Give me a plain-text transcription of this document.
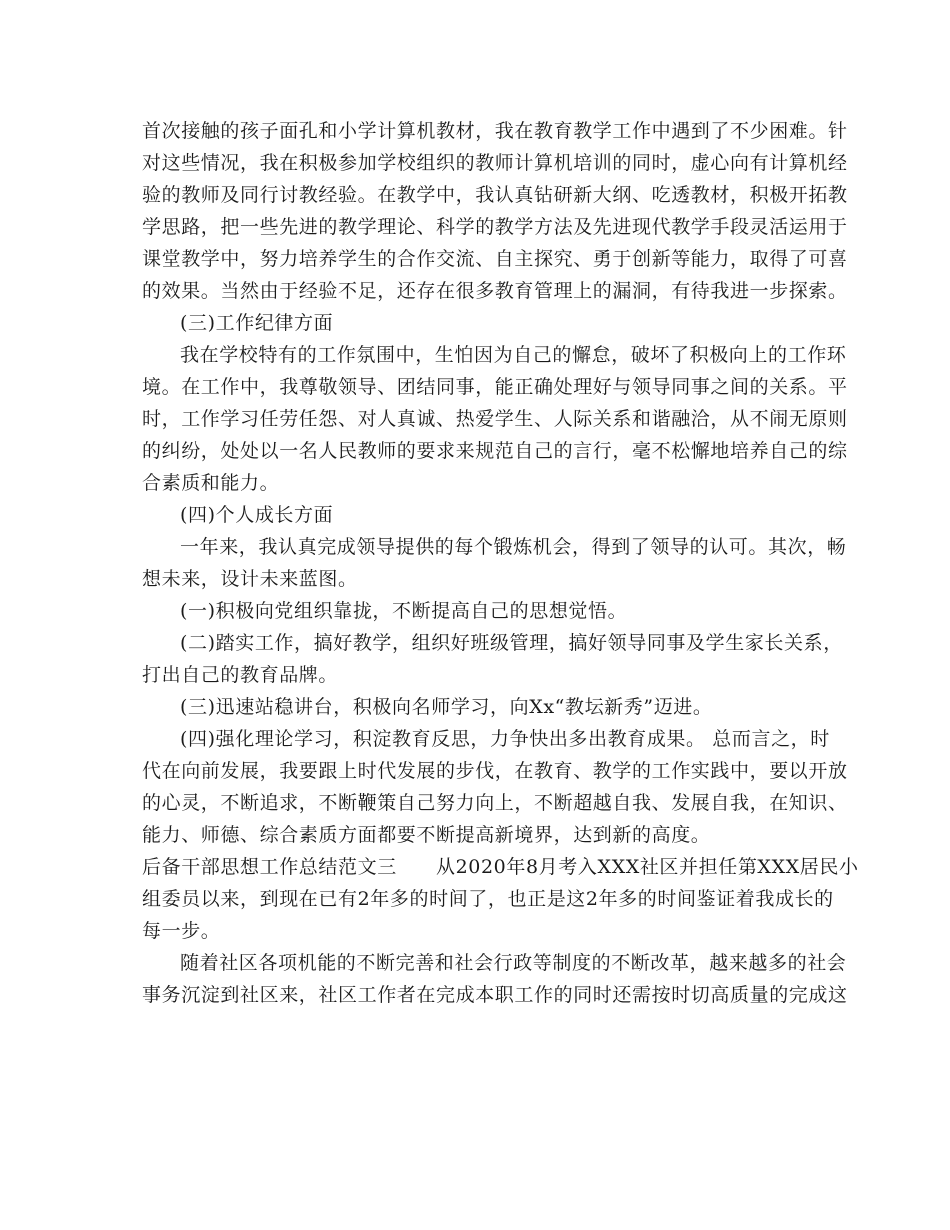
首次接触的孩子面孔和小学计算机教材，我在教育教学工作中遇到了不少困难。针
对这些情况，我在积极参加学校组织的教师计算机培训的同时，虚心向有计算机经
验的教师及同行讨教经验。在教学中，我认真钻研新大纲、吃透教材，积极开拓教
学思路，把一些先进的教学理论、科学的教学方法及先进现代教学手段灵活运用于
课堂教学中，努力培养学生的合作交流、自主探究、勇于创新等能力，取得了可喜
的效果。当然由于经验不足，还存在很多教育管理上的漏洞，有待我进一步探索。
(三)工作纪律方面
我在学校特有的工作氛围中，生怕因为自己的懈怠，破坏了积极向上的工作环
境。在工作中，我尊敬领导、团结同事，能正确处理好与领导同事之间的关系。平
时，工作学习任劳任怨、对人真诚、热爱学生、人际关系和谐融洽，从不闹无原则
的纠纷，处处以一名人民教师的要求来规范自己的言行，毫不松懈地培养自己的综
合素质和能力。
(四)个人成长方面
一年来，我认真完成领导提供的每个锻炼机会，得到了领导的认可。其次，畅
想未来，设计未来蓝图。
(一)积极向党组织靠拢，不断提高自己的思想觉悟。
(二)踏实工作，搞好教学，组织好班级管理，搞好领导同事及学生家长关系，
打出自己的教育品牌。
(三)迅速站稳讲台，积极向名师学习，向Xx“教坛新秀”迈进。
(四)强化理论学习，积淀教育反思，力争快出多出教育成果。 总而言之，时
代在向前发展，我要跟上时代发展的步伐，在教育、教学的工作实践中，要以开放
的心灵，不断追求，不断鞭策自己努力向上，不断超越自我、发展自我，在知识、
能力、师德、综合素质方面都要不断提高新境界，达到新的高度。
后备干部思想工作总结范文三　　从2020年8月考入XXX社区并担任第XXX居民小
组委员以来，到现在已有2年多的时间了，也正是这2年多的时间鉴证着我成长的
每一步。
随着社区各项机能的不断完善和社会行政等制度的不断改革，越来越多的社会
事务沉淀到社区来，社区工作者在完成本职工作的同时还需按时切高质量的完成这
